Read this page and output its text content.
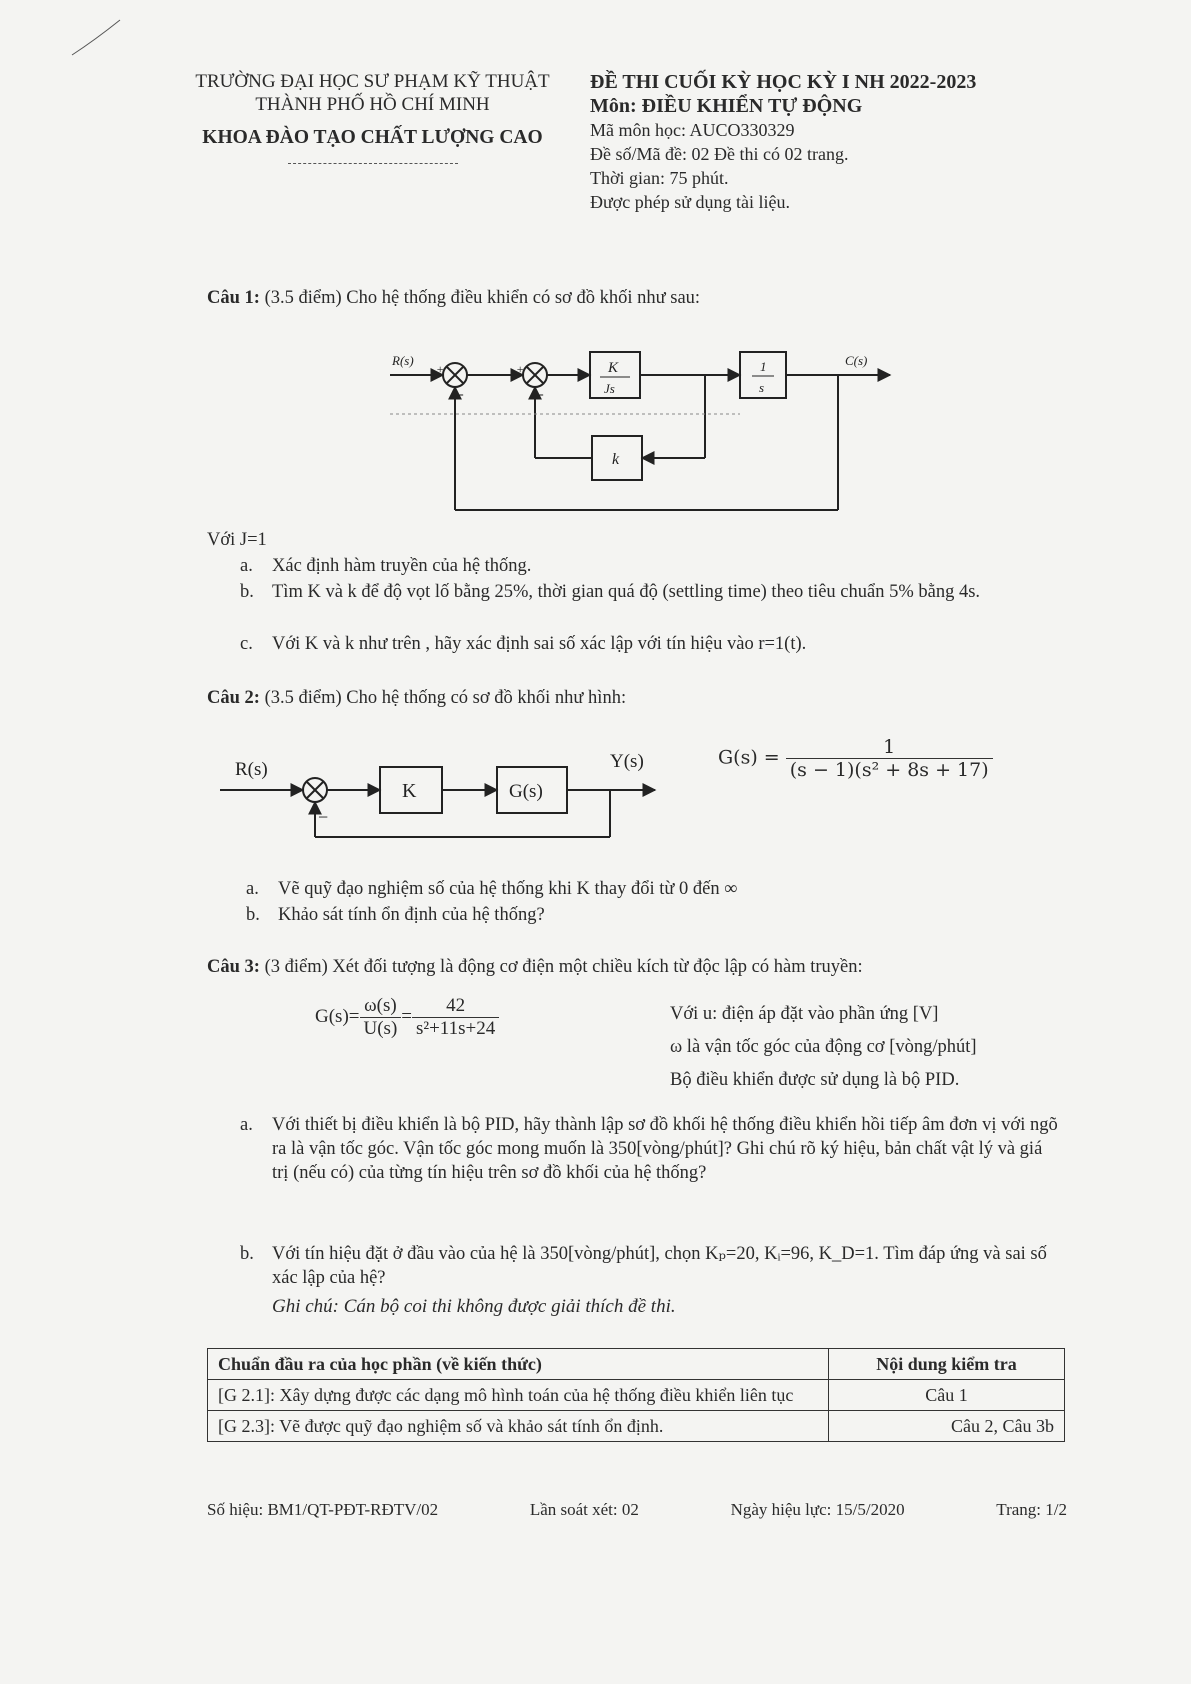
TRƯỜNG ĐẠI HỌC SƯ PHẠM KỸ THUẬT
THÀNH PHỐ HỒ CHÍ MINH
KHOA ĐÀO TẠO CHẤT LƯỢNG CAO
ĐỀ THI CUỐI KỲ HỌC KỲ I NH 2022-2023
Môn: ĐIỀU KHIỂN TỰ ĐỘNG
Mã môn học: AUCO330329
Đề số/Mã đề: 02 Đề thi có 02 trang.
Thời gian: 75 phút.
Được phép sử dụng tài liệu.
Câu 1: (3.5 điểm) Cho hệ thống điều khiển có sơ đồ khối như sau:
R(s)	C(s)
K
Js
1
s
k
+
-
+
-
Với J=1
a. Xác định hàm truyền của hệ thống.
b. Tìm K và k để độ vọt lố bằng 25%, thời gian quá độ (settling time) theo tiêu chuẩn 5% bằng 4s.
c. Với K và k như trên , hãy xác định sai số xác lập với tín hiệu vào r=1(t).
Câu 2: (3.5 điểm) Cho hệ thống có sơ đồ khối như hình:
R(s)	Y(s)
K	G(s)
−
$G(s) = \frac{1}{\text{(s − 1)(s² + 8s + 17)}}$
a. Vẽ quỹ đạo nghiệm số của hệ thống khi K thay đổi từ 0 đến ∞
b. Khảo sát tính ổn định của hệ thống?
Câu 3: (3 điểm) Xét đối tượng là động cơ điện một chiều kích từ độc lập có hàm truyền:
$G(s)= \frac{\omega(s)}{U(s)} = \frac{42}{\text{s²+11s+24}}$	Với u: điện áp đặt vào phần ứng [V]
ω là vận tốc góc của động cơ [vòng/phút]
Bộ điều khiển được sử dụng là bộ PID.
a. Với thiết bị điều khiển là bộ PID, hãy thành lập sơ đồ khối hệ thống điều khiển hồi tiếp âm đơn vị với ngõ ra là vận tốc góc. Vận tốc góc mong muốn là 350[vòng/phút]? Ghi chú rõ ký hiệu, bản chất vật lý và giá trị (nếu có) của từng tín hiệu trên sơ đồ khối của hệ thống?
b. Với tín hiệu đặt ở đầu vào của hệ là 350[vòng/phút], chọn Kₚ=20, Kᵢ=96, K_D=1. Tìm đáp ứng và sai số xác lập của hệ?
Ghi chú: Cán bộ coi thi không được giải thích đề thi.
Chuẩn đầu ra của học phần (về kiến thức)	Nội dung kiểm tra
[G 2.1]: Xây dựng được các dạng mô hình toán của hệ thống điều khiển liên tục	Câu 1
[G 2.3]: Vẽ được quỹ đạo nghiệm số và khảo sát tính ổn định.	Câu 2, Câu 3b
Số hiệu: BM1/QT-PĐT-RĐTV/02	Lần soát xét: 02	Ngày hiệu lực: 15/5/2020	Trang: 1/2
